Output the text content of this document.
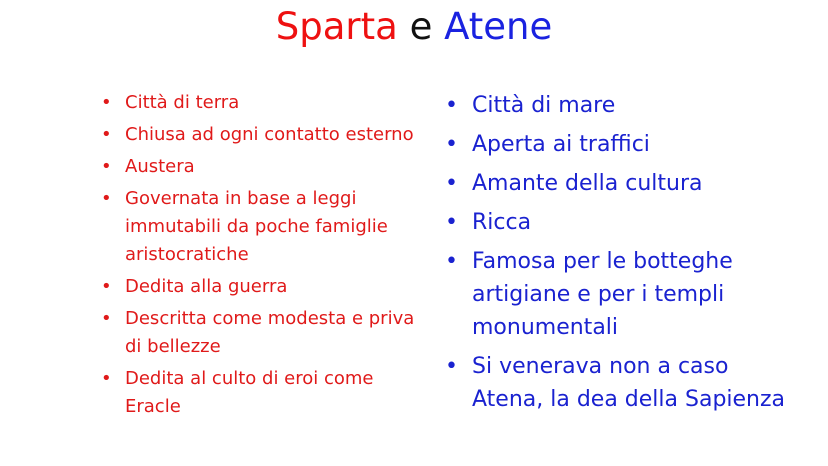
Sparta e Atene
• Città di terra
• Chiusa ad ogni contatto esterno
• Austera
• Governata in base a leggi immutabili da poche famiglie aristocratiche
• Dedita alla guerra
• Descritta come modesta e priva di bellezze
• Dedita al culto di eroi come Eracle
• Città di mare
• Aperta ai traffici
• Amante della cultura
• Ricca
• Famosa per le botteghe artigiane e per i templi monumentali
• Si venerava non a caso Atena, la dea della Sapienza
